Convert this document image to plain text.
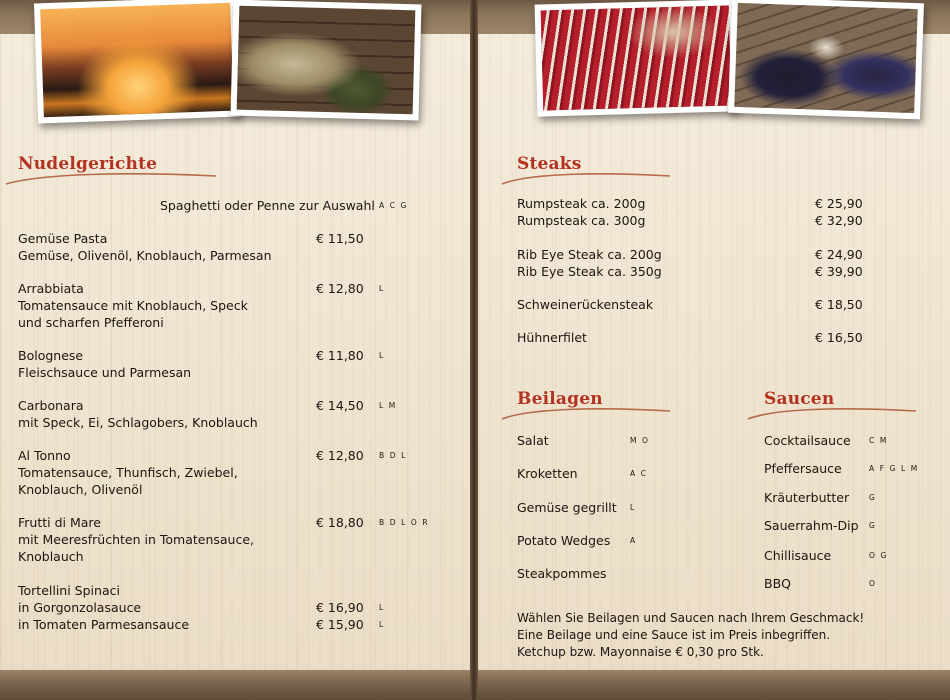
Nudelgerichte
Spaghetti oder Penne zur Auswahl A C G
Gemüse Pasta
Gemüse, Olivenöl, Knoblauch, Parmesan
€ 11,50
Arrabbiata
Tomatensauce mit Knoblauch, Speck
und scharfen Pfefferoni
€ 12,80 L
Bolognese
Fleischsauce und Parmesan
€ 11,80 L
Carbonara
mit Speck, Ei, Schlagobers, Knoblauch
€ 14,50 L M
Al Tonno
Tomatensauce, Thunfisch, Zwiebel,
Knoblauch, Olivenöl
€ 12,80 B D L
Frutti di Mare
mit Meeresfrüchten in Tomatensauce,
Knoblauch
€ 18,80 B D L O R
Tortellini Spinaci
in Gorgonzolasauce	€ 16,90 L
in Tomaten Parmesansauce	€ 15,90 L
Steaks
Rumpsteak ca. 200g	€ 25,90
Rumpsteak ca. 300g	€ 32,90
Rib Eye Steak ca. 200g	€ 24,90
Rib Eye Steak ca. 350g	€ 39,90
Schweinerückensteak	€ 18,50
Hühnerfilet	€ 16,50
Beilagen
Salat	M O
Kroketten	A C
Gemüse gegrillt L
Potato Wedges	A
Steakpommes
Saucen
Cocktailsauce C M
Pfeffersauce	A F G L M
Kräuterbutter	G
Sauerrahm-Dip G
Chillisauce	O G
BBQ	O
Wählen Sie Beilagen und Saucen nach Ihrem Geschmack!
Eine Beilage und eine Sauce ist im Preis inbegriffen.
Ketchup bzw. Mayonnaise € 0,30 pro Stk.
